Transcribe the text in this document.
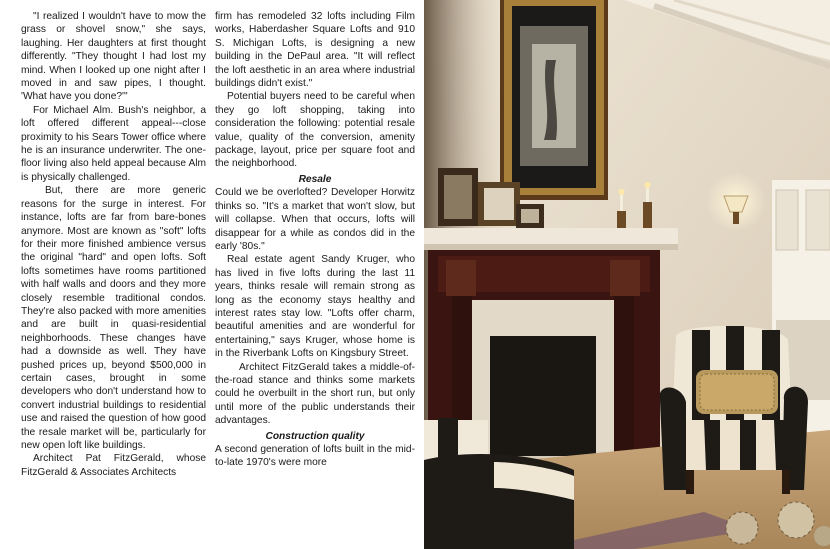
"I realized I wouldn't have to mow the grass or shovel snow," she says, laughing. Her daughters at first thought differently. "They thought I had lost my mind. When I looked up one night after I moved in and saw pipes, I thought. 'What have you done?'"

For Michael Alm. Bush's neighbor, a loft offered different appeal---close proximity to his Sears Tower office where he is an insurance underwriter. The one-floor living also held appeal because Alm is physically challenged.

But, there are more generic reasons for the surge in interest. For instance, lofts are far from bare-bones anymore. Most are known as "soft" lofts for their more finished ambience versus the original "hard" and open lofts. Soft lofts sometimes have rooms partitioned with half walls and doors and they more closely resemble traditional condos. They're also packed with more amenities and are built in quasi-residential neighborhoods. These changes have had a downside as well. They have pushed prices up, beyond $500,000 in certain cases, brought in some developers who don't understand how to convert industrial buildings to residential use and raised the question of how good the resale market will be, particularly for new open loft like buildings.

Architect Pat FitzGerald, whose FitzGerald & Associates Architects

firm has remodeled 32 lofts including Film works, Haberdasher Square Lofts and 910 S. Michigan Lofts, is designing a new building in the DePaul area. "It will reflect the loft aesthetic in an area where industrial buildings didn't exist."

Potential buyers need to be careful when they go loft shopping, taking into consideration the following: potential resale value, quality of the conversion, amenity package, layout, price per square foot and the neighborhood.

Resale

Could we be overlofted? Developer Horwitz thinks so. "It's a market that won't slow, but will collapse. When that occurs, lofts will disappear for a while as condos did in the early '80s."

Real estate agent Sandy Kruger, who has lived in five lofts during the last 11 years, thinks resale will remain strong as long as the economy stays healthy and interest rates stay low. "Lofts offer charm, beautiful amenities and are wonderful for entertaining," says Kruger, whose home is in the Riverbank Lofts on Kingsbury Street.

Architect FitzGerald takes a middle-of-the-road stance and thinks some markets could he overbuilt in the short run, but only until more of the public understands their advantages.

Construction quality

A second generation of lofts built in the mid-to-late 1970's were more
